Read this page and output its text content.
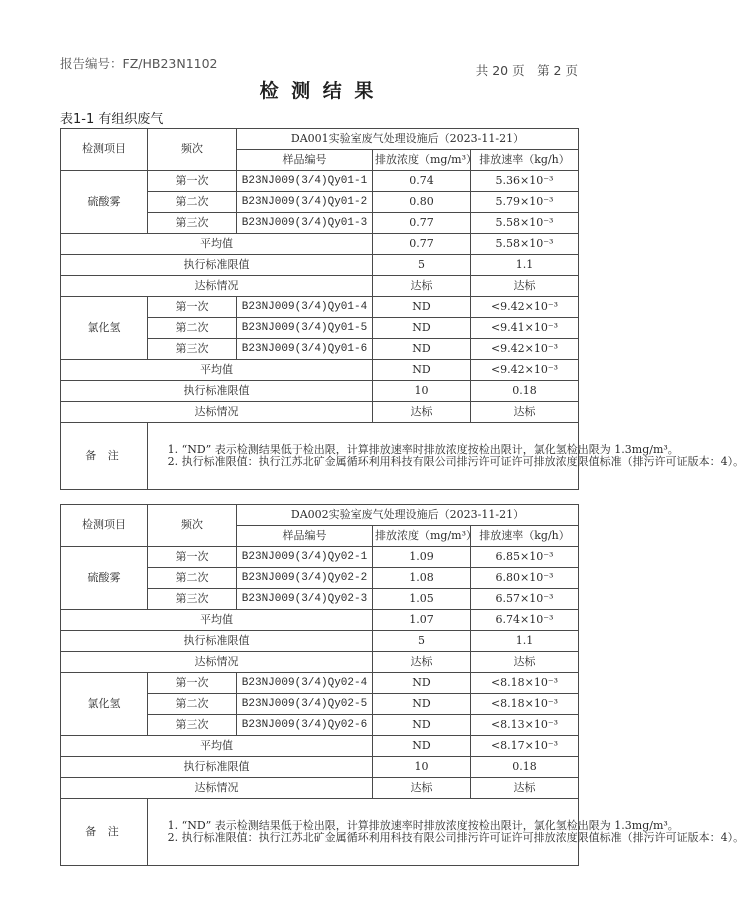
报告编号：FZ/HB23N1102	共 20 页　第 2 页
检 测 结 果
表1-1 有组织废气
检测项目	频次	DA001实验室废气处理设施后（2023-11-21）		
		样品编号	排放浓度（mg/m³）	排放速率（kg/h）
硫酸雾	第一次	B23NJ009(3/4)Qy01-1	0.74	5.36×10⁻³
	第二次	B23NJ009(3/4)Qy01-2	0.80	5.79×10⁻³
	第三次	B23NJ009(3/4)Qy01-3	0.77	5.58×10⁻³
平均值			0.77	5.58×10⁻³
执行标准限值			5	1.1
达标情况			达标	达标
氯化氢	第一次	B23NJ009(3/4)Qy01-4	ND	<9.42×10⁻³
	第二次	B23NJ009(3/4)Qy01-5	ND	<9.41×10⁻³
	第三次	B23NJ009(3/4)Qy01-6	ND	<9.42×10⁻³
平均值			ND	<9.42×10⁻³
执行标准限值			10	0.18
达标情况			达标	达标
备 注	1. “ND” 表示检测结果低于检出限，计算排放速率时排放浓度按检出限计，氯化氢检出限为 1.3mg/m³。
2. 执行标准限值：执行江苏北矿金属循环利用科技有限公司排污许可证许可排放浓度限值标准（排污许可证版本：4）。			
检测项目	频次	DA002实验室废气处理设施后（2023-11-21）		
		样品编号	排放浓度（mg/m³）	排放速率（kg/h）
硫酸雾	第一次	B23NJ009(3/4)Qy02-1	1.09	6.85×10⁻³
	第二次	B23NJ009(3/4)Qy02-2	1.08	6.80×10⁻³
	第三次	B23NJ009(3/4)Qy02-3	1.05	6.57×10⁻³
平均值			1.07	6.74×10⁻³
执行标准限值			5	1.1
达标情况			达标	达标
氯化氢	第一次	B23NJ009(3/4)Qy02-4	ND	<8.18×10⁻³
	第二次	B23NJ009(3/4)Qy02-5	ND	<8.18×10⁻³
	第三次	B23NJ009(3/4)Qy02-6	ND	<8.13×10⁻³
平均值			ND	<8.17×10⁻³
执行标准限值			10	0.18
达标情况			达标	达标
备 注	1. “ND” 表示检测结果低于检出限，计算排放速率时排放浓度按检出限计，氯化氢检出限为 1.3mg/m³。
2. 执行标准限值：执行江苏北矿金属循环利用科技有限公司排污许可证许可排放浓度限值标准（排污许可证版本：4）。			
